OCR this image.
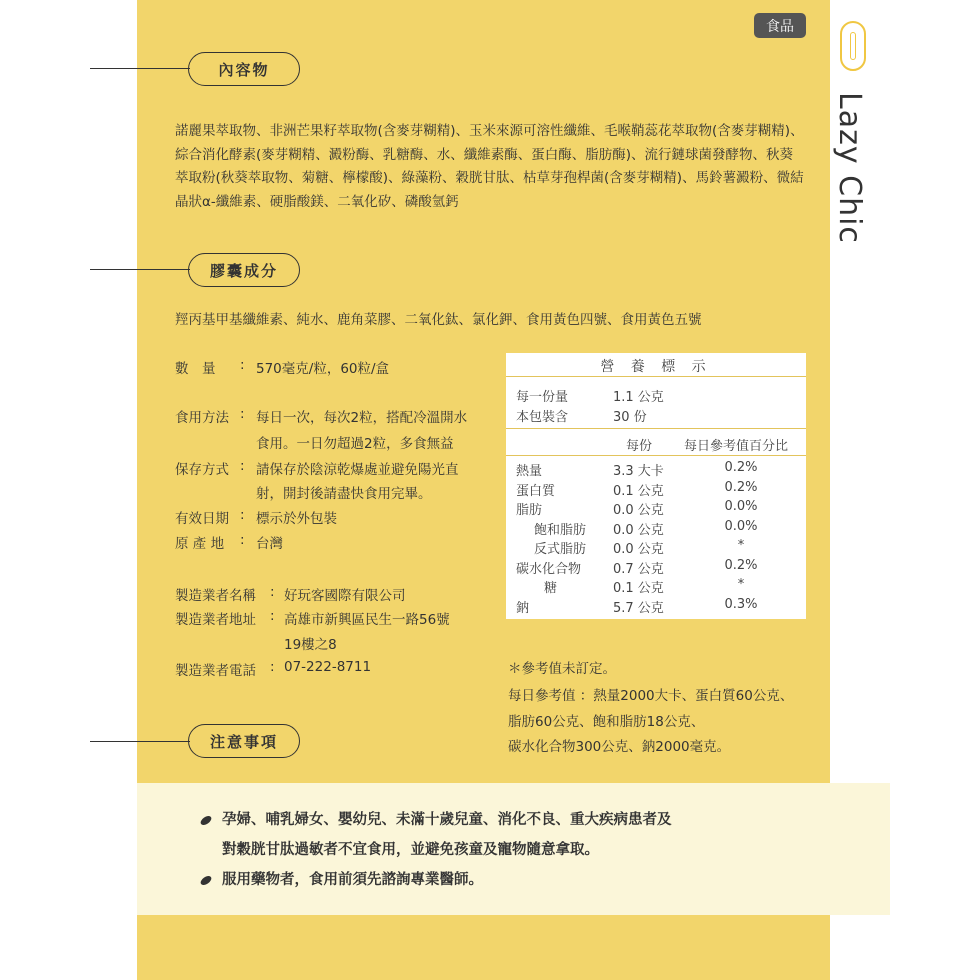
食品
Lazy Chic
內容物
諾麗果萃取物、非洲芒果籽萃取物(含麥芽糊精)、玉米來源可溶性纖維、毛喉鞘蕊花萃取物(含麥芽糊精)、綜合消化酵素(麥芽糊精、澱粉酶、乳糖酶、水、纖維素酶、蛋白酶、脂肪酶)、流行鏈球菌發酵物、秋葵萃取粉(秋葵萃取物、菊糖、檸檬酸)、綠藻粉、穀胱甘肽、枯草芽孢桿菌(含麥芽糊精)、馬鈴薯澱粉、微結晶狀α-纖維素、硬脂酸鎂、二氧化矽、磷酸氫鈣
膠囊成分
羥丙基甲基纖維素、純水、鹿角菜膠、二氧化鈦、氯化鉀、食用黃色四號、食用黃色五號
數　量 : 570毫克/粒，60粒/盒
食用方法 : 每日一次，每次2粒，搭配冷溫開水
食用。一日勿超過2粒，多食無益
保存方式 : 請保存於陰涼乾爆處並避免陽光直
射，開封後請盡快食用完畢。
有效日期 : 標示於外包裝
原 產 地 : 台灣
製造業者名稱 : 好玩客國際有限公司
製造業者地址 : 高雄市新興區民生一路56號
19樓之8
製造業者電話 : 07-222-8711
營 養 標 示
每一份量	1.1 公克
本包裝含	30 份
每份 每日參考值百分比
熱量	3.3 大卡	0.2%
蛋白質	0.1 公克	0.2%
脂肪	0.0 公克	0.0%
飽和脂肪 0.0 公克	0.0%
反式脂肪 0.0 公克	*
碳水化合物 0.7 公克	0.2%
糖	0.1 公克	*
鈉	5.7 公克	0.3%
＊參考值未訂定。
每日參考值 ：熱量2000大卡、蛋白質60公克、
脂肪60公克、飽和脂肪18公克、
碳水化合物300公克、鈉2000毫克。
注意事項
孕婦、哺乳婦女、嬰幼兒、未滿十歲兒童、消化不良、重大疾病患者及
對穀胱甘肽過敏者不宜食用，並避免孩童及寵物隨意拿取。
服用藥物者，食用前須先諮詢專業醫師。
